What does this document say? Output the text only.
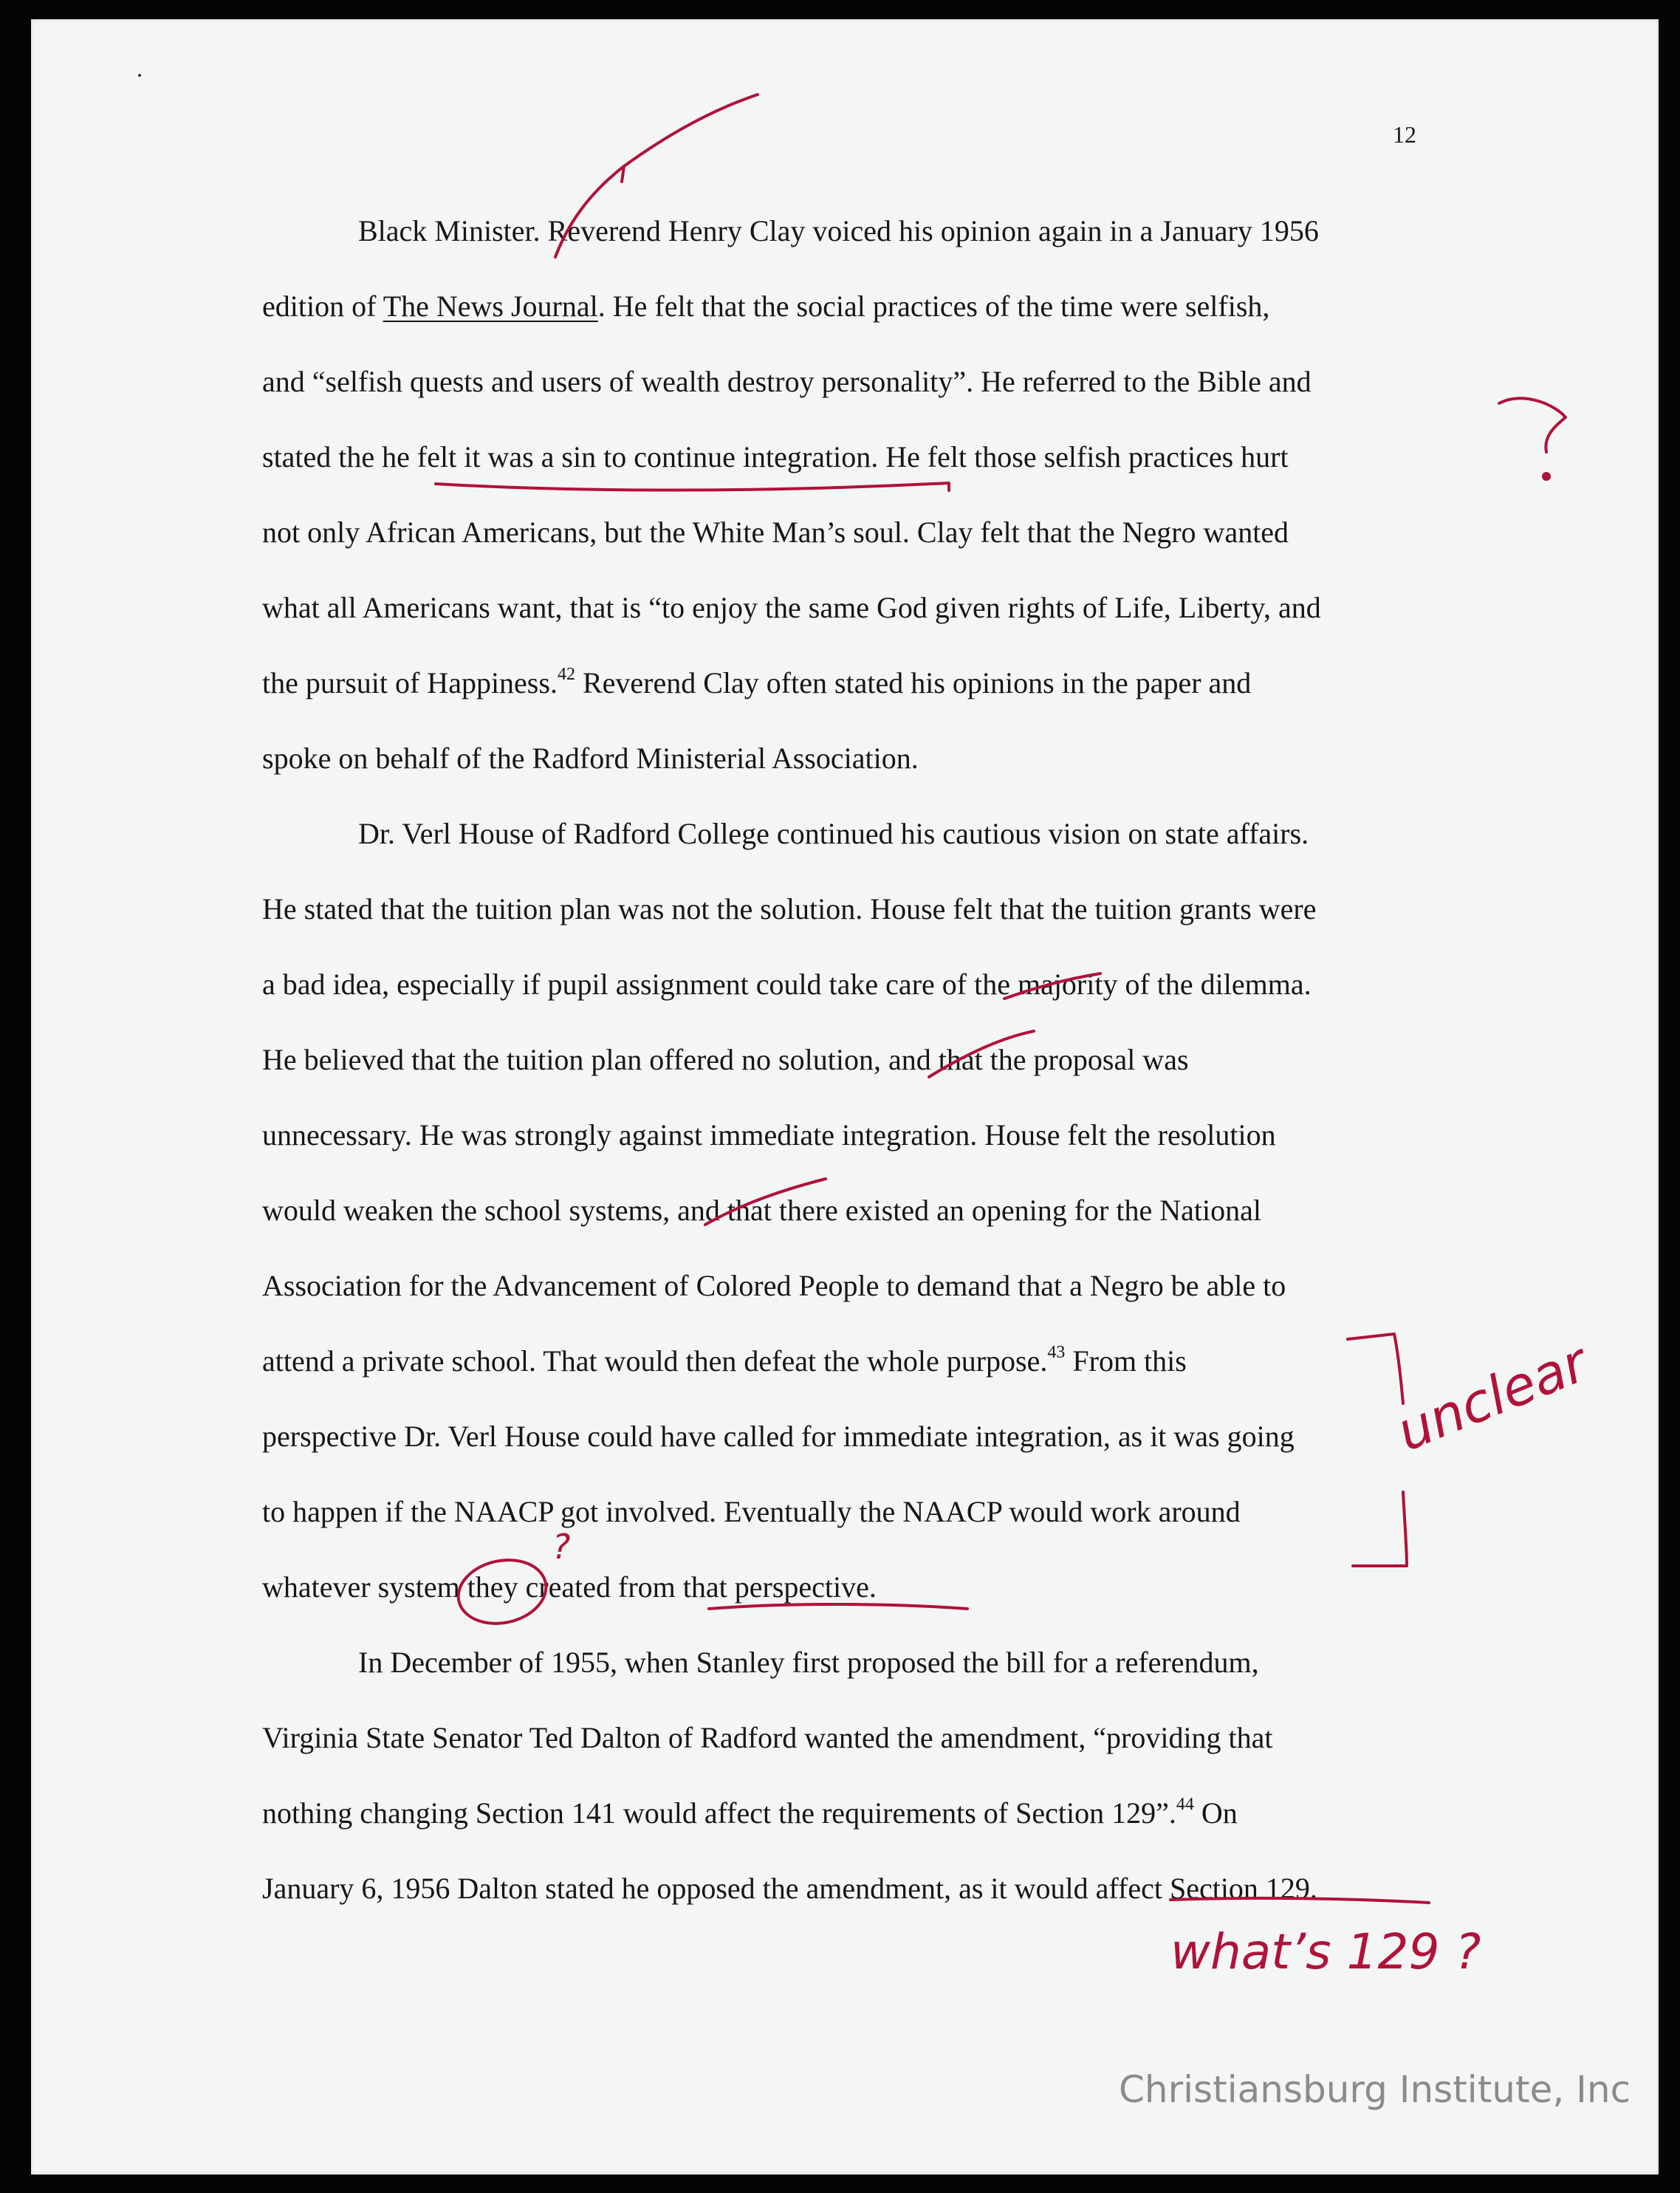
12
Black Minister. Reverend Henry Clay voiced his opinion again in a January 1956
edition of The News Journal. He felt that the social practices of the time were selfish,
and “selfish quests and users of wealth destroy personality”. He referred to the Bible and
stated the he felt it was a sin to continue integration. He felt those selfish practices hurt
not only African Americans, but the White Man’s soul. Clay felt that the Negro wanted
what all Americans want, that is “to enjoy the same God given rights of Life, Liberty, and
the pursuit of Happiness.$^{42}$ Reverend Clay often stated his opinions in the paper and
spoke on behalf of the Radford Ministerial Association.
Dr. Verl House of Radford College continued his cautious vision on state affairs.
He stated that the tuition plan was not the solution. House felt that the tuition grants were
a bad idea, especially if pupil assignment could take care of the majority of the dilemma.
He believed that the tuition plan offered no solution, and that the proposal was
unnecessary. He was strongly against immediate integration. House felt the resolution
would weaken the school systems, and that there existed an opening for the National
Association for the Advancement of Colored People to demand that a Negro be able to
attend a private school. That would then defeat the whole purpose.$^{43}$ From this
perspective Dr. Verl House could have called for immediate integration, as it was going
to happen if the NAACP got involved. Eventually the NAACP would work around
whatever system they created from that perspective.
In December of 1955, when Stanley first proposed the bill for a referendum,
Virginia State Senator Ted Dalton of Radford wanted the amendment, “providing that
nothing changing Section 141 would affect the requirements of Section 129”.$^{44}$ On
January 6, 1956 Dalton stated he opposed the amendment, as it would affect Section 129.
?
unclear
what’s 129 ?
Christiansburg Institute, Inc
